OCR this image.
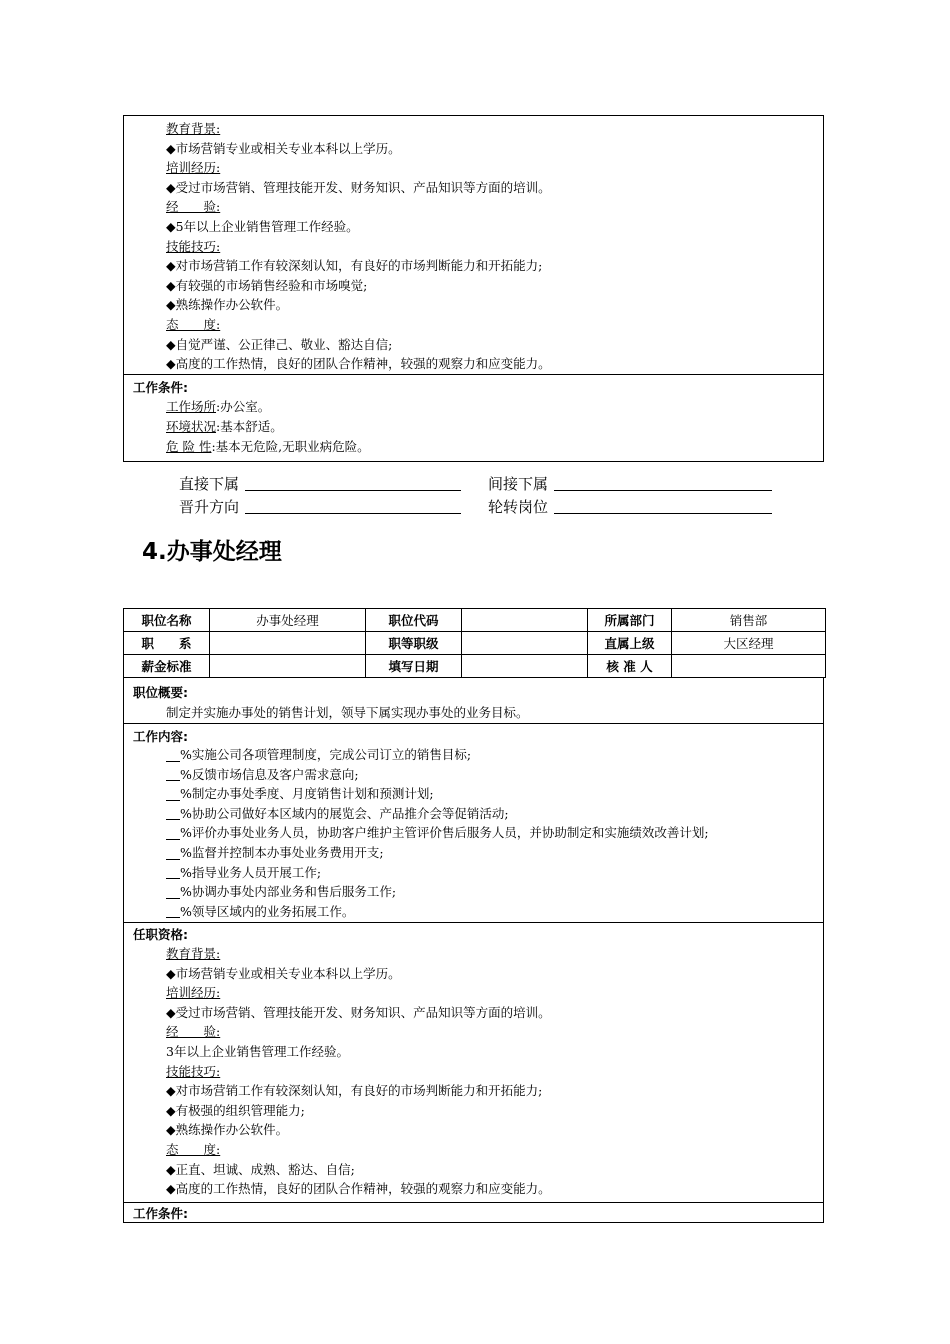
教育背景:
◆市场营销专业或相关专业本科以上学历。
培训经历:
◆受过市场营销、管理技能开发、财务知识、产品知识等方面的培训。
经　　验:
◆5年以上企业销售管理工作经验。
技能技巧:
◆对市场营销工作有较深刻认知，有良好的市场判断能力和开拓能力;
◆有较强的市场销售经验和市场嗅觉;
◆熟练操作办公软件。
态　　度:
◆自觉严谨、公正律己、敬业、豁达自信;
◆高度的工作热情，良好的团队合作精神，较强的观察力和应变能力。
工作条件:
工作场所:办公室。
环境状况:基本舒适。
危 险 性:基本无危险,无职业病危险。
直接下属	间接下属
晋升方向	轮转岗位
4.办事处经理
职位名称	办事处经理	职位代码		所属部门	销售部
职　　系		职等职级		直属上级	大区经理
薪金标准		填写日期		核 准 人	
职位概要:
制定并实施办事处的销售计划，领导下属实现办事处的业务目标。
工作内容:
%实施公司各项管理制度，完成公司订立的销售目标;
%反馈市场信息及客户需求意向;
%制定办事处季度、月度销售计划和预测计划;
%协助公司做好本区域内的展览会、产品推介会等促销活动;
%评价办事处业务人员，协助客户维护主管评价售后服务人员，并协助制定和实施绩效改善计划;
%监督并控制本办事处业务费用开支;
%指导业务人员开展工作;
%协调办事处内部业务和售后服务工作;
%领导区域内的业务拓展工作。
任职资格:
教育背景:
◆市场营销专业或相关专业本科以上学历。
培训经历:
◆受过市场营销、管理技能开发、财务知识、产品知识等方面的培训。
经　　验:
3年以上企业销售管理工作经验。
技能技巧:
◆对市场营销工作有较深刻认知，有良好的市场判断能力和开拓能力;
◆有极强的组织管理能力;
◆熟练操作办公软件。
态　　度:
◆正直、坦诚、成熟、豁达、自信;
◆高度的工作热情，良好的团队合作精神，较强的观察力和应变能力。
工作条件:
